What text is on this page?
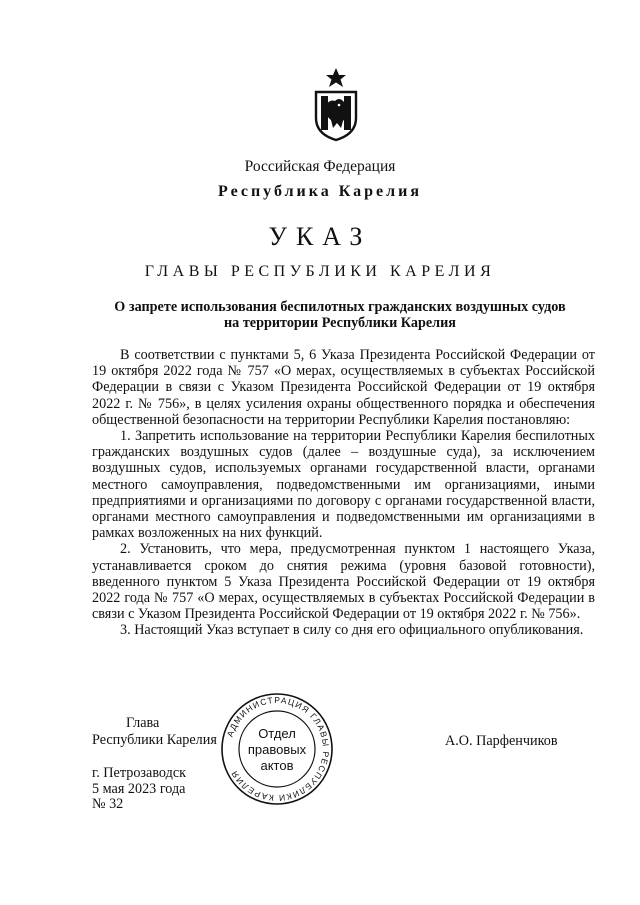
Российская Федерация
Республика Карелия
УКАЗ
ГЛАВЫ РЕСПУБЛИКИ КАРЕЛИЯ
О запрете использования беспилотных гражданских воздушных судов
на территории Республики Карелия

В соответствии с пунктами 5, 6 Указа Президента Российской Федерации от 19 октября 2022 года № 757 «О мерах, осуществляемых в субъектах Российской Федерации в связи с Указом Президента Российской Федерации от 19 октября 2022 г. № 756», в целях усиления охраны общественного порядка и обеспечения общественной безопасности на территории Республики Карелия постановляю:

1. Запретить использование на территории Республики Карелия беспилотных гражданских воздушных судов (далее – воздушные суда), за исключением воздушных судов, используемых органами государственной власти, органами местного самоуправления, подведомственными им организациями, иными предприятиями и организациями по договору с органами государственной власти, органами местного самоуправления и подведомственными им организациями в рамках возложенных на них функций.

2. Установить, что мера, предусмотренная пунктом 1 настоящего Указа, устанавливается сроком до снятия режима (уровня базовой готовности), введенного пунктом 5 Указа Президента Российской Федерации от 19 октября 2022 года № 757 «О мерах, осуществляемых в субъектах Российской Федерации в связи с Указом Президента Российской Федерации от 19 октября 2022 г. № 756».

3. Настоящий Указ вступает в силу со дня его официального опубликования.

Глава
Республики Карелия	А.О. Парфенчиков
АДМИНИСТРАЦИЯ ГЛАВЫ РЕСПУБЛИКИ КАРЕЛИЯ
Отдел
правовых
актов
г. Петрозаводск
5 мая 2023 года
№ 32
